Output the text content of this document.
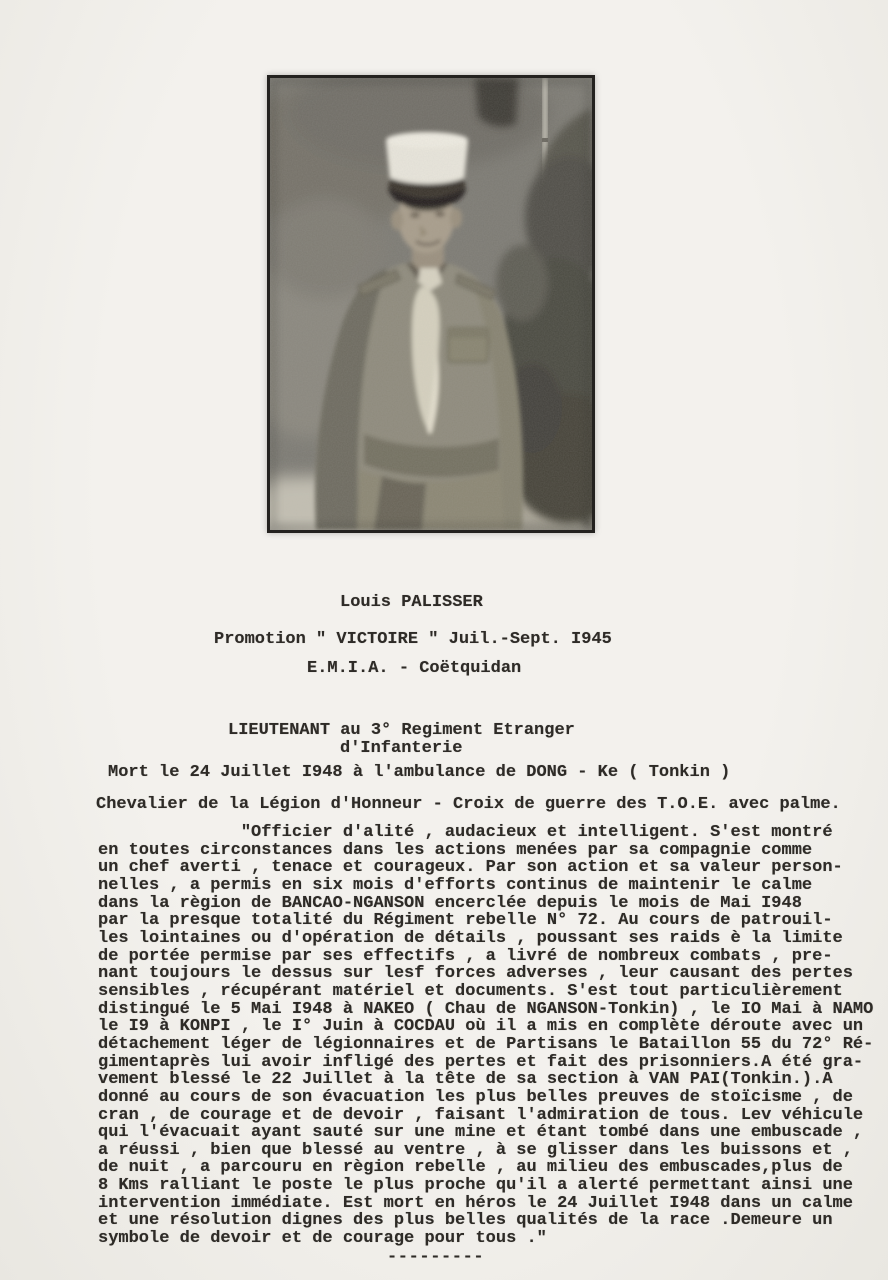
Louis PALISSER
Promotion " VICTOIRE " Juil.-Sept. I945
E.M.I.A. - Coëtquidan
LIEUTENANT au 3° Regiment Etranger
d'Infanterie
Mort le 24 Juillet I948 à l'ambulance de DONG - Ke ( Tonkin )
Chevalier de la Légion d'Honneur - Croix de guerre des T.O.E. avec palme.
"Officier d'alité , audacieux et intelligent. S'est montré
en toutes circonstances dans les actions menées par sa compagnie comme
un chef averti , tenace et courageux. Par son action et sa valeur person-
nelles , a permis en six mois d'efforts continus de maintenir le calme
dans la règion de BANCAO-NGANSON encerclée depuis le mois de Mai I948
par la presque totalité du Régiment rebelle N° 72. Au cours de patrouil-
les lointaines ou d'opération de détails , poussant ses raids è la limite
de portée permise par ses effectifs , a livré de nombreux combats , pre-
nant toujours le dessus sur lesf forces adverses , leur causant des pertes
sensibles , récupérant matériel et documents. S'est tout particulièrement
distingué le 5 Mai I948 à NAKEO ( Chau de NGANSON-Tonkin) , le IO Mai à NAMO
le I9 à KONPI , le I° Juin à COCDAU où il a mis en complète déroute avec un
détachement léger de légionnaires et de Partisans le Bataillon 55 du 72° Ré-
gimentaprès lui avoir infligé des pertes et fait des prisonniers.A été gra-
vement blessé le 22 Juillet à la tête de sa section à VAN PAI(Tonkin.).A
donné au cours de son évacuation les plus belles preuves de stoïcisme , de
cran , de courage et de devoir , faisant l'admiration de tous. Lev véhicule
qui l'évacuait ayant sauté sur une mine et étant tombé dans une embuscade ,
a réussi , bien que blessé au ventre , à se glisser dans les buissons et ,
de nuit , a parcouru en règion rebelle , au milieu des embuscades,plus de
8 Kms ralliant le poste le plus proche qu'il a alerté permettant ainsi une
intervention immédiate. Est mort en héros le 24 Juillet I948 dans un calme
et une résolution dignes des plus belles qualités de la race .Demeure un
symbole de devoir et de courage pour tous ."
---------
